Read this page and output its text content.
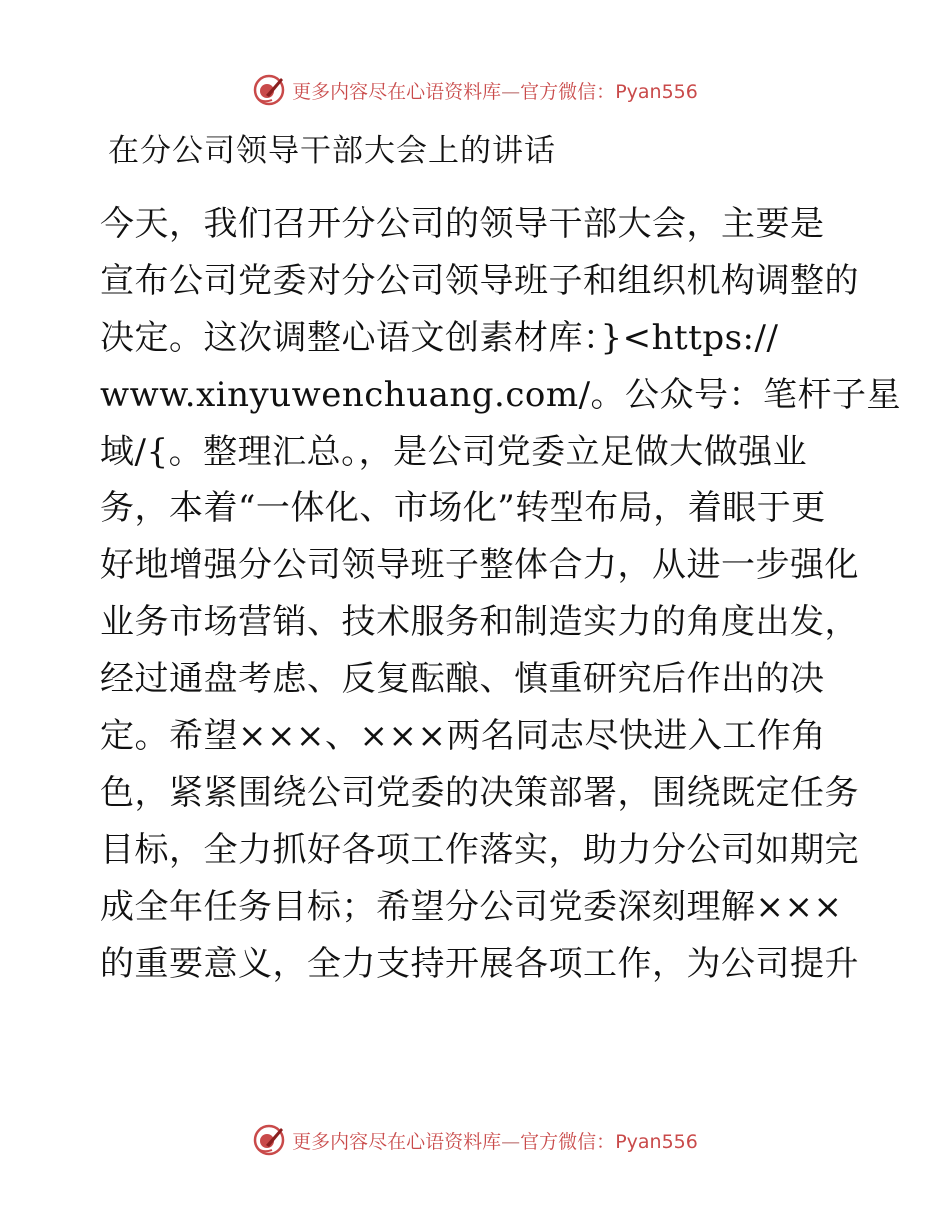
更多内容尽在心语资料库—官方微信：Pyan556
在分公司领导干部大会上的讲话
今天，我们召开分公司的领导干部大会，主要是
宣布公司党委对分公司领导班子和组织机构调整的
决定。这次调整心语文创素材库：}<https://
www.xinyuwenchuang.com/。公众号：笔杆子星
域/{。整理汇总。，是公司党委立足做大做强业
务，本着“一体化、市场化”转型布局，着眼于更
好地增强分公司领导班子整体合力，从进一步强化
业务市场营销、技术服务和制造实力的角度出发，
经过通盘考虑、反复酝酿、慎重研究后作出的决
定。希望×××、×××两名同志尽快进入工作角
色，紧紧围绕公司党委的决策部署，围绕既定任务
目标，全力抓好各项工作落实，助力分公司如期完
成全年任务目标；希望分公司党委深刻理解×××
的重要意义，全力支持开展各项工作，为公司提升
更多内容尽在心语资料库—官方微信：Pyan556
